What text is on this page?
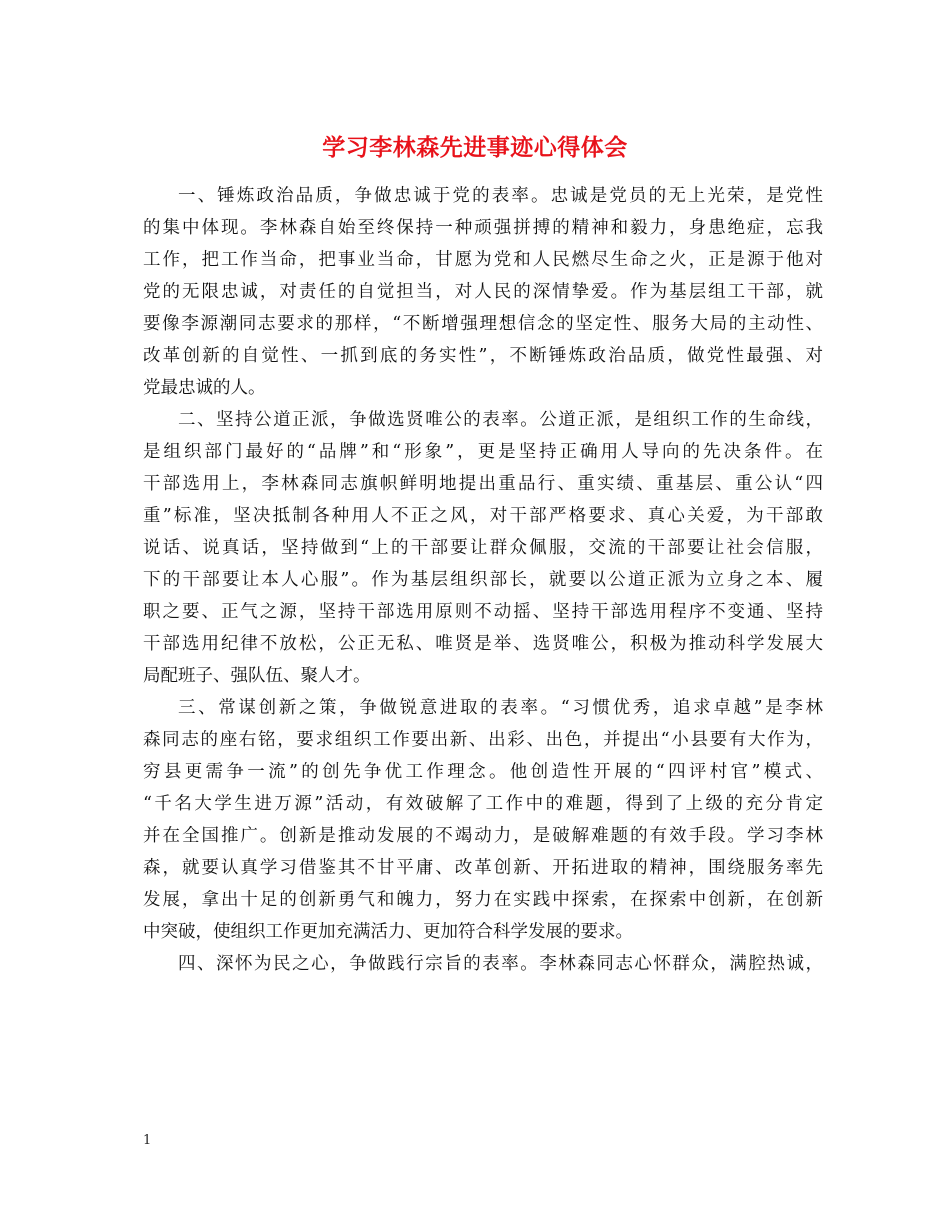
学习李林森先进事迹心得体会
一、锤炼政治品质，争做忠诚于党的表率。忠诚是党员的无上光荣，是党性
的集中体现。李林森自始至终保持一种顽强拼搏的精神和毅力，身患绝症，忘我
工作，把工作当命，把事业当命，甘愿为党和人民燃尽生命之火，正是源于他对
党的无限忠诚，对责任的自觉担当，对人民的深情挚爱。作为基层组工干部，就
要像李源潮同志要求的那样，“不断增强理想信念的坚定性、服务大局的主动性、
改革创新的自觉性、一抓到底的务实性”，不断锤炼政治品质，做党性最强、对
党最忠诚的人。
二、坚持公道正派，争做选贤唯公的表率。公道正派，是组织工作的生命线，
是组织部门最好的“品牌”和“形象”，更是坚持正确用人导向的先决条件。在
干部选用上，李林森同志旗帜鲜明地提出重品行、重实绩、重基层、重公认“四
重”标准，坚决抵制各种用人不正之风，对干部严格要求、真心关爱，为干部敢
说话、说真话，坚持做到“上的干部要让群众佩服，交流的干部要让社会信服，
下的干部要让本人心服”。作为基层组织部长，就要以公道正派为立身之本、履
职之要、正气之源，坚持干部选用原则不动摇、坚持干部选用程序不变通、坚持
干部选用纪律不放松，公正无私、唯贤是举、选贤唯公，积极为推动科学发展大
局配班子、强队伍、聚人才。
三、常谋创新之策，争做锐意进取的表率。“习惯优秀，追求卓越”是李林
森同志的座右铭，要求组织工作要出新、出彩、出色，并提出“小县要有大作为，
穷县更需争一流”的创先争优工作理念。他创造性开展的“四评村官”模式、
“千名大学生进万源”活动，有效破解了工作中的难题，得到了上级的充分肯定
并在全国推广。创新是推动发展的不竭动力，是破解难题的有效手段。学习李林
森，就要认真学习借鉴其不甘平庸、改革创新、开拓进取的精神，围绕服务率先
发展，拿出十足的创新勇气和魄力，努力在实践中探索，在探索中创新，在创新
中突破，使组织工作更加充满活力、更加符合科学发展的要求。
四、深怀为民之心，争做践行宗旨的表率。李林森同志心怀群众，满腔热诚，
1
